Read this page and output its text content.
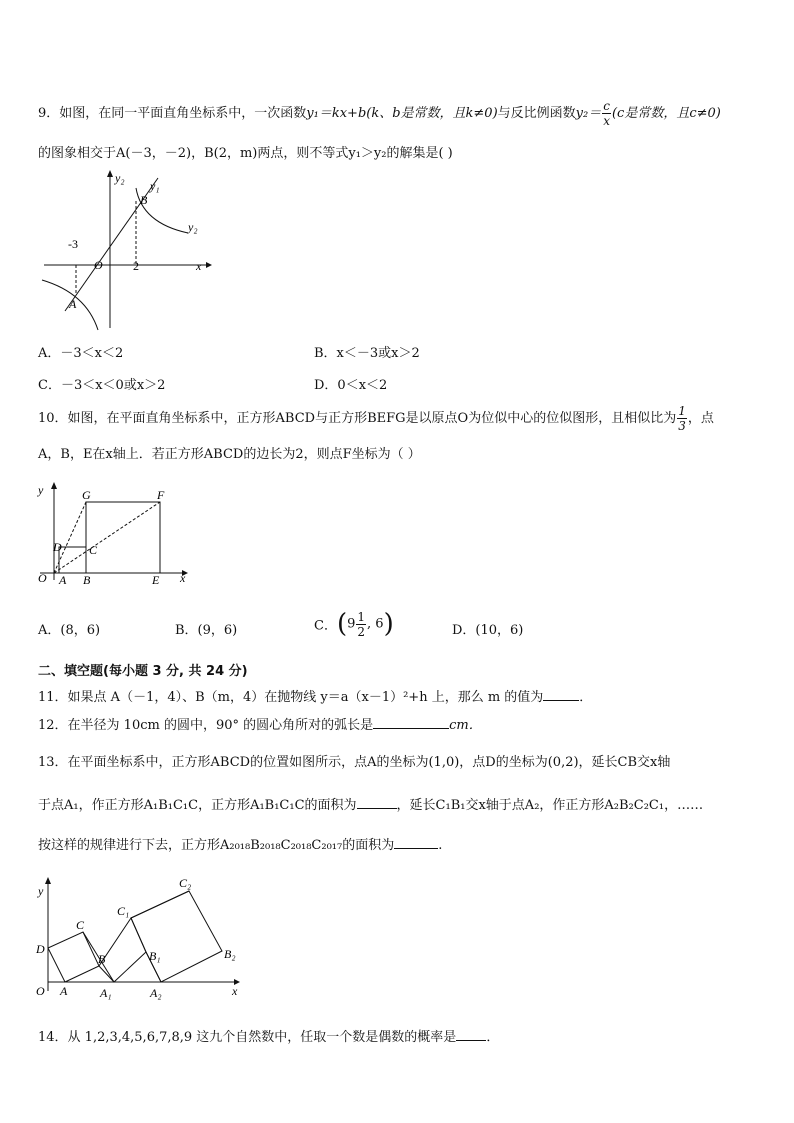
9．如图，在同一平面直角坐标系中，一次函数y₁＝kx+b(k、b是常数，且k≠0)与反比例函数$y_2= \frac{c}{x} (c$是常数，且c≠0)
的图象相交于A(－3，－2)，B(2，m)两点，则不等式y₁＞y₂的解集是( )
y₂
y₁
B
y₂
-3
O	2	x
A
A．－3＜x＜2	B．x＜－3或x＞2
C．－3＜x＜0或x＞2	D．0＜x＜2
10．如图，在平面直角坐标系中，正方形ABCD与正方形BEFG是以原点O为位似中心的位似图形，且相似比为 $\frac{1}{3}$ ，点
A，B，E在x轴上．若正方形ABCD的边长为2，则点F坐标为（ ）
y	G	F
D C
O A B	E x
A．(8，6)	B．(9，6)	C．($9 \frac{1}{2}$ , 6)	D．(10，6)
二、填空题(每小题 3 分, 共 24 分)
11．如果点 A（－1，4）、B（m，4）在抛物线 y＝a（x－1）²+h 上，那么 m 的值为	．
12．在半径为 10cm 的圆中，90° 的圆心角所对的弧长是	cm．
13．在平面坐标系中，正方形ABCD的位置如图所示，点A的坐标为(1,0)，点D的坐标为(0,2)，延长CB交x轴
于点A₁，作正方形A₁B₁C₁C，正方形A₁B₁C₁C的面积为	，延长C₁B₁交x轴于点A₂，作正方形A₂B₂C₂C₁，……
按这样的规律进行下去，正方形A₂₀₁₈B₂₀₁₈C₂₀₁₈C₂₀₁₇的面积为	.
y
C₂
C₁
C
D
B	B₁	B₂
O A	A₁	A₂	x
14．从 1,2,3,4,5,6,7,8,9 这九个自然数中，任取一个数是偶数的概率是 ．
